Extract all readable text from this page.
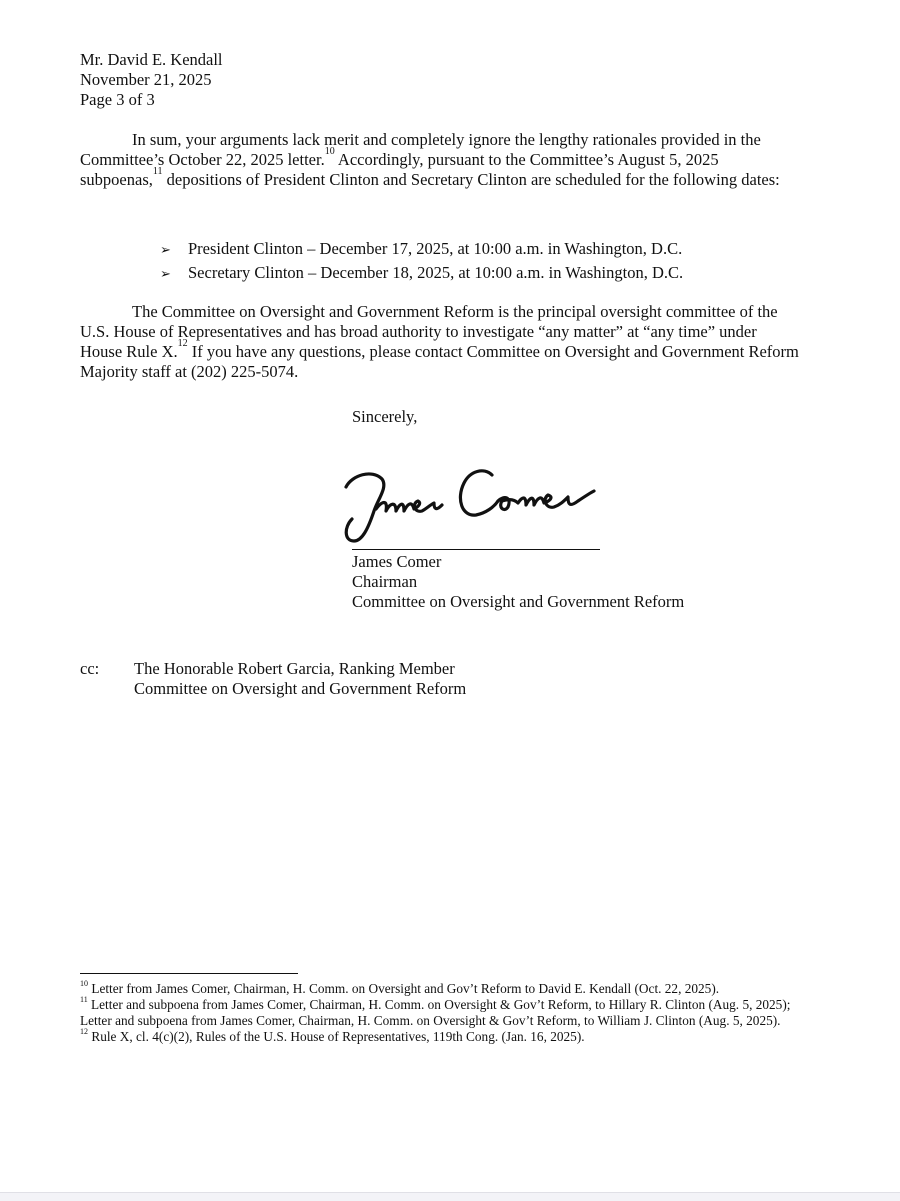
Mr. David E. Kendall
November 21, 2025
Page 3 of 3
In sum, your arguments lack merit and completely ignore the lengthy rationales provided in the Committee’s October 22, 2025 letter.$^{10}$ Accordingly, pursuant to the Committee’s August 5, 2025 subpoenas,$^{11}$ depositions of President Clinton and Secretary Clinton are scheduled for the following dates:
➢ President Clinton – December 17, 2025, at 10:00 a.m. in Washington, D.C.
➢ Secretary Clinton – December 18, 2025, at 10:00 a.m. in Washington, D.C.
The Committee on Oversight and Government Reform is the principal oversight committee of the U.S. House of Representatives and has broad authority to investigate “any matter” at “any time” under House Rule X.$^{12}$ If you have any questions, please contact Committee on Oversight and Government Reform Majority staff at (202) 225-5074.
Sincerely,
James Comer
Chairman
Committee on Oversight and Government Reform
cc: The Honorable Robert Garcia, Ranking Member
Committee on Oversight and Government Reform

$^{10}$ Letter from James Comer, Chairman, H. Comm. on Oversight and Gov’t Reform to David E. Kendall (Oct. 22, 2025).

$^{11}$ Letter and subpoena from James Comer, Chairman, H. Comm. on Oversight & Gov’t Reform, to Hillary R. Clinton (Aug. 5, 2025); Letter and subpoena from James Comer, Chairman, H. Comm. on Oversight & Gov’t Reform, to William J. Clinton (Aug. 5, 2025).

$^{12}$ Rule X, cl. 4(c)(2), Rules of the U.S. House of Representatives, 119th Cong. (Jan. 16, 2025).
